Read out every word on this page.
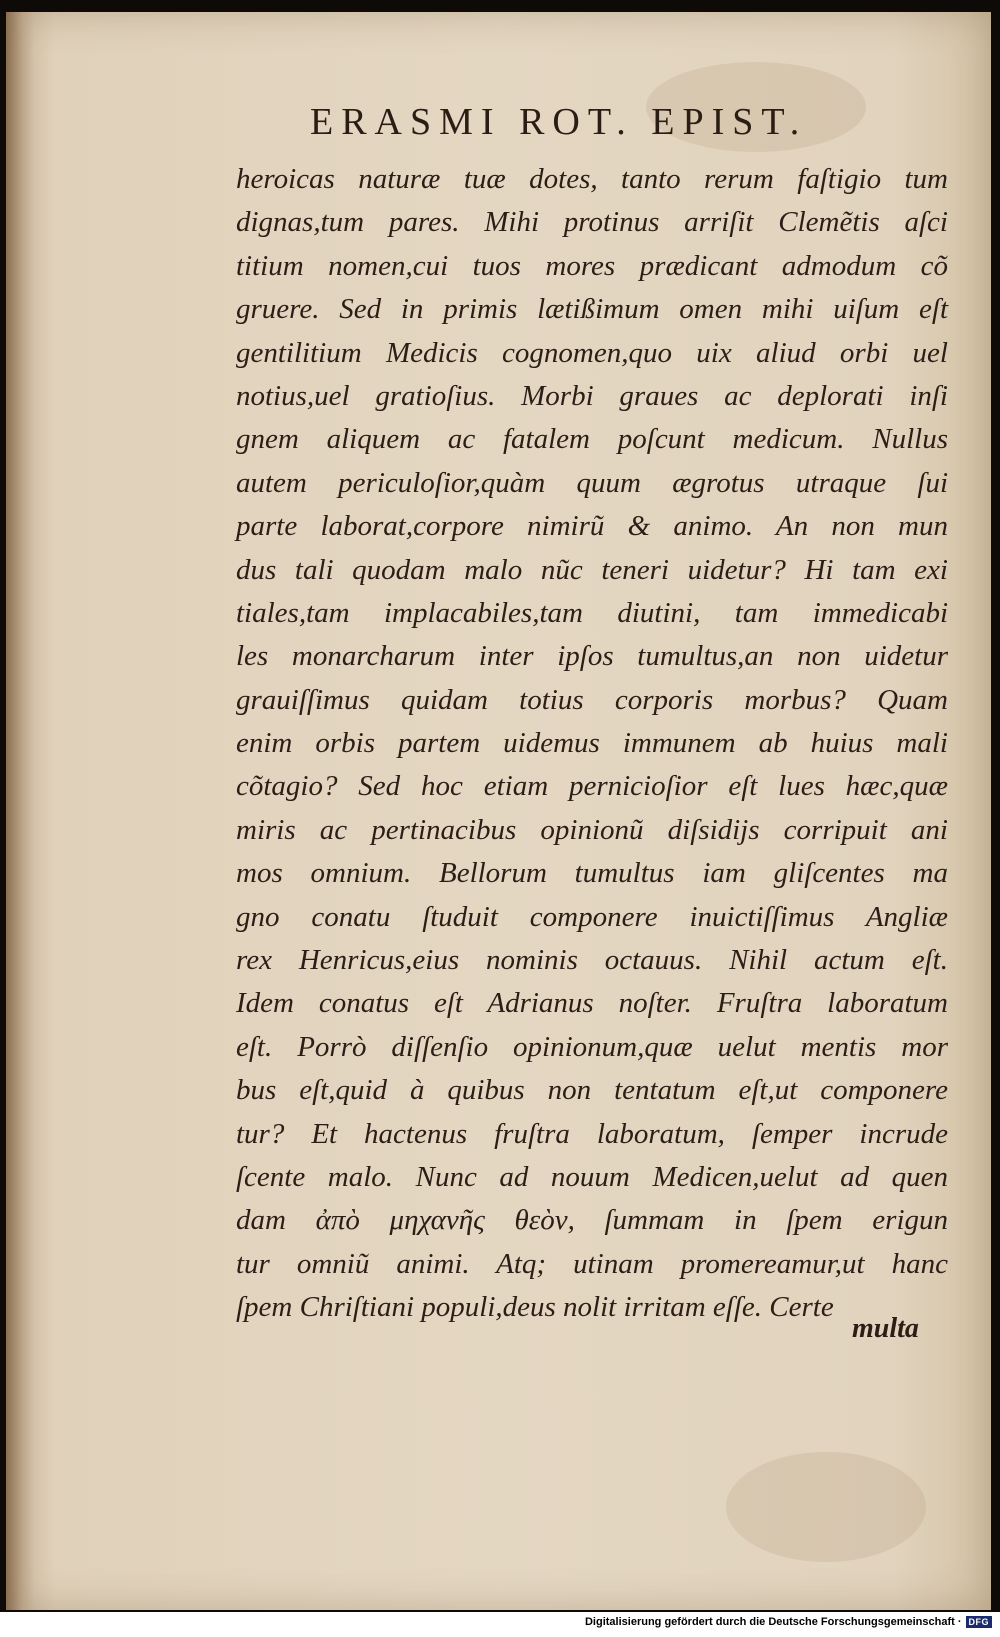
ERASMI ROT. EPIST.
heroicas naturæ tuæ dotes, tanto rerum faſtigio tum
dignas,tum pares. Mihi protinus arriſit Clemẽtis aſci
titium nomen,cui tuos mores prædicant admodum cõ
gruere. Sed in primis lætißimum omen mihi uiſum eſt
gentilitium Medicis cognomen,quo uix aliud orbi uel
notius,uel gratioſius. Morbi graues ac deplorati inſi
gnem aliquem ac fatalem poſcunt medicum. Nullus
autem periculoſior,quàm quum ægrotus utraque ſui
parte laborat,corpore nimirũ & animo. An non mun
dus tali quodam malo nũc teneri uidetur? Hi tam exi
tiales,tam implacabiles,tam diutini, tam immedicabi
les monarcharum inter ipſos tumultus,an non uidetur
grauiſſimus quidam totius corporis morbus? Quam
enim orbis partem uidemus immunem ab huius mali
cõtagio? Sed hoc etiam pernicioſior eſt lues hæc,quæ
miris ac pertinacibus opinionũ diſsidijs corripuit ani
mos omnium. Bellorum tumultus iam gliſcentes ma
gno conatu ſtuduit componere inuictiſſimus Angliæ
rex Henricus,eius nominis octauus. Nihil actum eſt.
Idem conatus eſt Adrianus noſter. Fruſtra laboratum
eſt. Porrò diſſenſio opinionum,quæ uelut mentis mor
bus eſt,quid à quibus non tentatum eſt,ut componere
tur? Et hactenus fruſtra laboratum, ſemper incrude
ſcente malo. Nunc ad nouum Medicen,uelut ad quen
dam ἀπὸ μηχανῆς θεὸν, ſummam in ſpem erigun
tur omniũ animi. Atq; utinam promereamur,ut hanc
ſpem Chriſtiani populi,deus nolit irritam eſſe. Certe
multa
Digitalisierung gefördert durch die Deutsche Forschungsgemeinschaft · DFG
